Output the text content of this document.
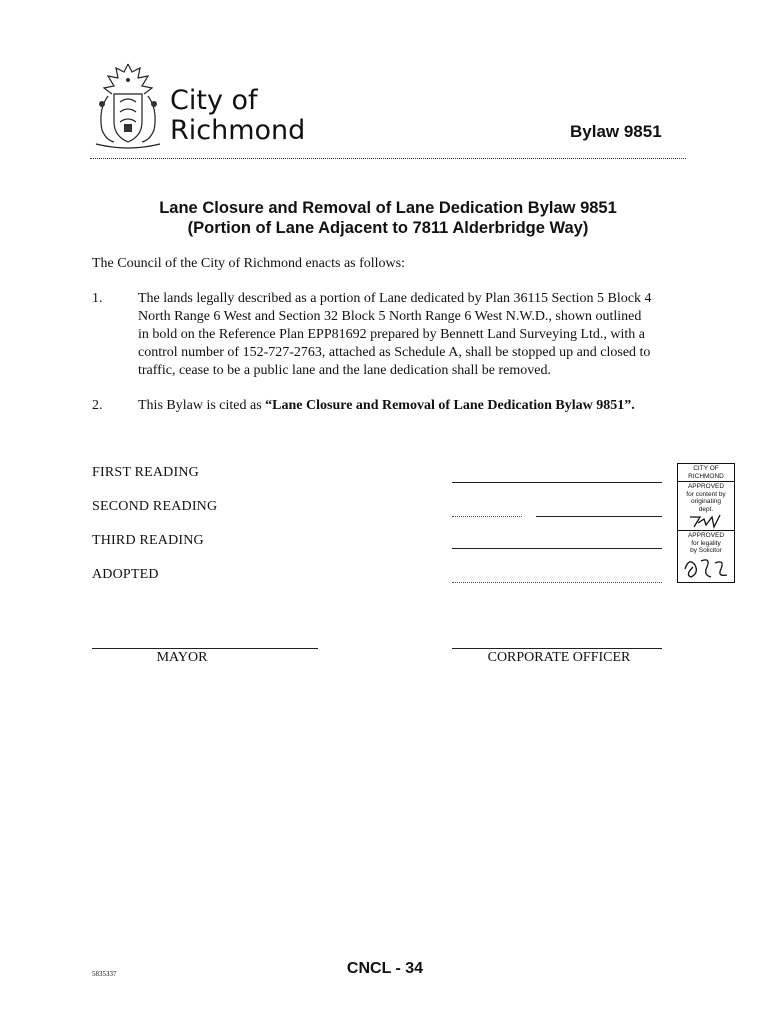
City of
Richmond	Bylaw 9851
Lane Closure and Removal of Lane Dedication Bylaw 9851
(Portion of Lane Adjacent to 7811 Alderbridge Way)
The Council of the City of Richmond enacts as follows:
1.	The lands legally described as a portion of Lane dedicated by Plan 36115 Section 5 Block 4
North Range 6 West and Section 32 Block 5 North Range 6 West N.W.D., shown outlined
in bold on the Reference Plan EPP81692 prepared by Bennett Land Surveying Ltd., with a
control number of 152-727-2763, attached as Schedule A, shall be stopped up and closed to
traffic, cease to be a public lane and the lane dedication shall be removed.
2.	This Bylaw is cited as “Lane Closure and Removal of Lane Dedication Bylaw 9851”.
FIRST READING
SECOND READING
THIRD READING
ADOPTED
CITY OF
RICHMOND
APPROVED
for content by
originating
dept.
APPROVED
for legality
by Solicitor
MAYOR	CORPORATE OFFICER
5835337	CNCL - 34
